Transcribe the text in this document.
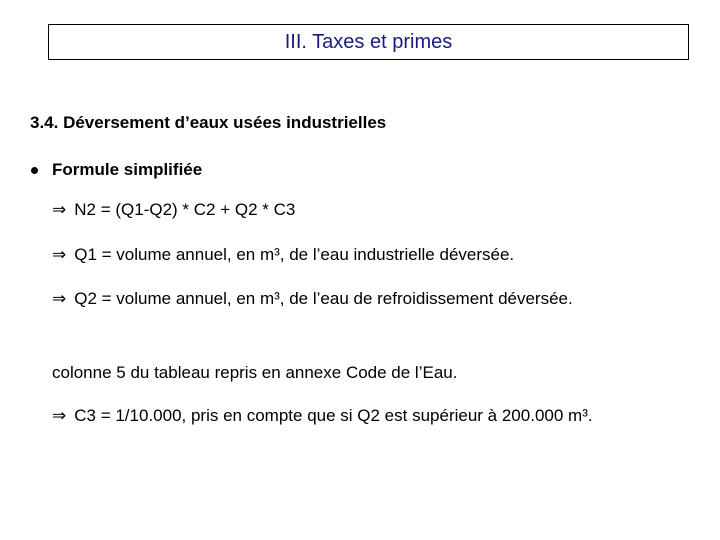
III. Taxes et primes
3.4. Déversement d’eaux usées industrielles
Formule simplifiée
⇒ N2 = (Q1-Q2) * C2 + Q2 * C3
⇒ Q1 = volume annuel, en m³, de l’eau industrielle déversée.
⇒ Q2 = volume annuel, en m³, de l’eau de refroidissement déversée.
colonne 5 du tableau repris en annexe Code de l’Eau.
⇒ C3 = 1/10.000, pris en compte que si Q2 est supérieur à 200.000 m³.
